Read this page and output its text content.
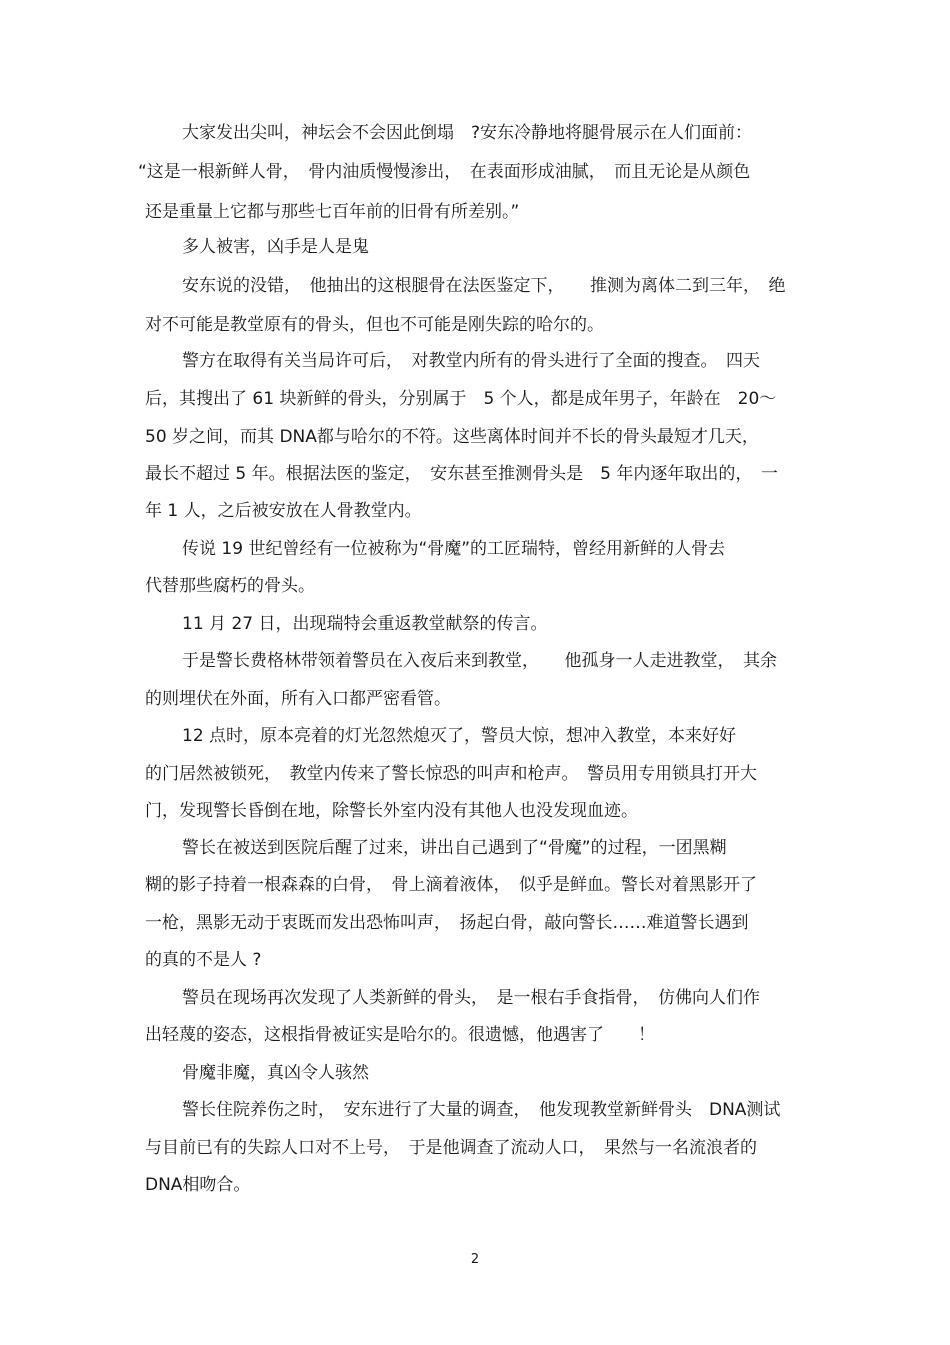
大家发出尖叫，神坛会不会因此倒塌　?安东冷静地将腿骨展示在人们面前：
“这是一根新鲜人骨，　骨内油质慢慢渗出，　在表面形成油腻，　而且无论是从颜色
还是重量上它都与那些七百年前的旧骨有所差别。”
多人被害，凶手是人是鬼
安东说的没错，　他抽出的这根腿骨在法医鉴定下，　　推测为离体二到三年，　绝
对不可能是教堂原有的骨头，但也不可能是刚失踪的哈尔的。
警方在取得有关当局许可后，　对教堂内所有的骨头进行了全面的搜查。　四天
后，其搜出了 61 块新鲜的骨头，分别属于　5 个人，都是成年男子，年龄在　20～
50 岁之间，而其 DNA都与哈尔的不符。这些离体时间并不长的骨头最短才几天，
最长不超过 5 年。根据法医的鉴定，　安东甚至推测骨头是　5 年内逐年取出的，　一
年 1 人，之后被安放在人骨教堂内。
传说 19 世纪曾经有一位被称为“骨魔”的工匠瑞特，曾经用新鲜的人骨去
代替那些腐朽的骨头。
11 月 27 日，出现瑞特会重返教堂献祭的传言。
于是警长费格林带领着警员在入夜后来到教堂，　　他孤身一人走进教堂，　其余
的则埋伏在外面，所有入口都严密看管。
12 点时，原本亮着的灯光忽然熄灭了，警员大惊，想冲入教堂，本来好好
的门居然被锁死，　教堂内传来了警长惊恐的叫声和枪声。　警员用专用锁具打开大
门，发现警长昏倒在地，除警长外室内没有其他人也没发现血迹。
警长在被送到医院后醒了过来，讲出自己遇到了“骨魔”的过程，一团黑糊
糊的影子持着一根森森的白骨，　骨上滴着液体，　似乎是鲜血。警长对着黑影开了
一枪，黑影无动于衷既而发出恐怖叫声，　扬起白骨，敲向警长……难道警长遇到
的真的不是人 ?
警员在现场再次发现了人类新鲜的骨头，　是一根右手食指骨，　仿佛向人们作
出轻蔑的姿态，这根指骨被证实是哈尔的。很遗憾，他遇害了　　！
骨魔非魔，真凶令人骇然
警长住院养伤之时，　安东进行了大量的调查，　他发现教堂新鲜骨头　DNA测试
与目前已有的失踪人口对不上号，　于是他调查了流动人口，　果然与一名流浪者的
DNA相吻合。
2
